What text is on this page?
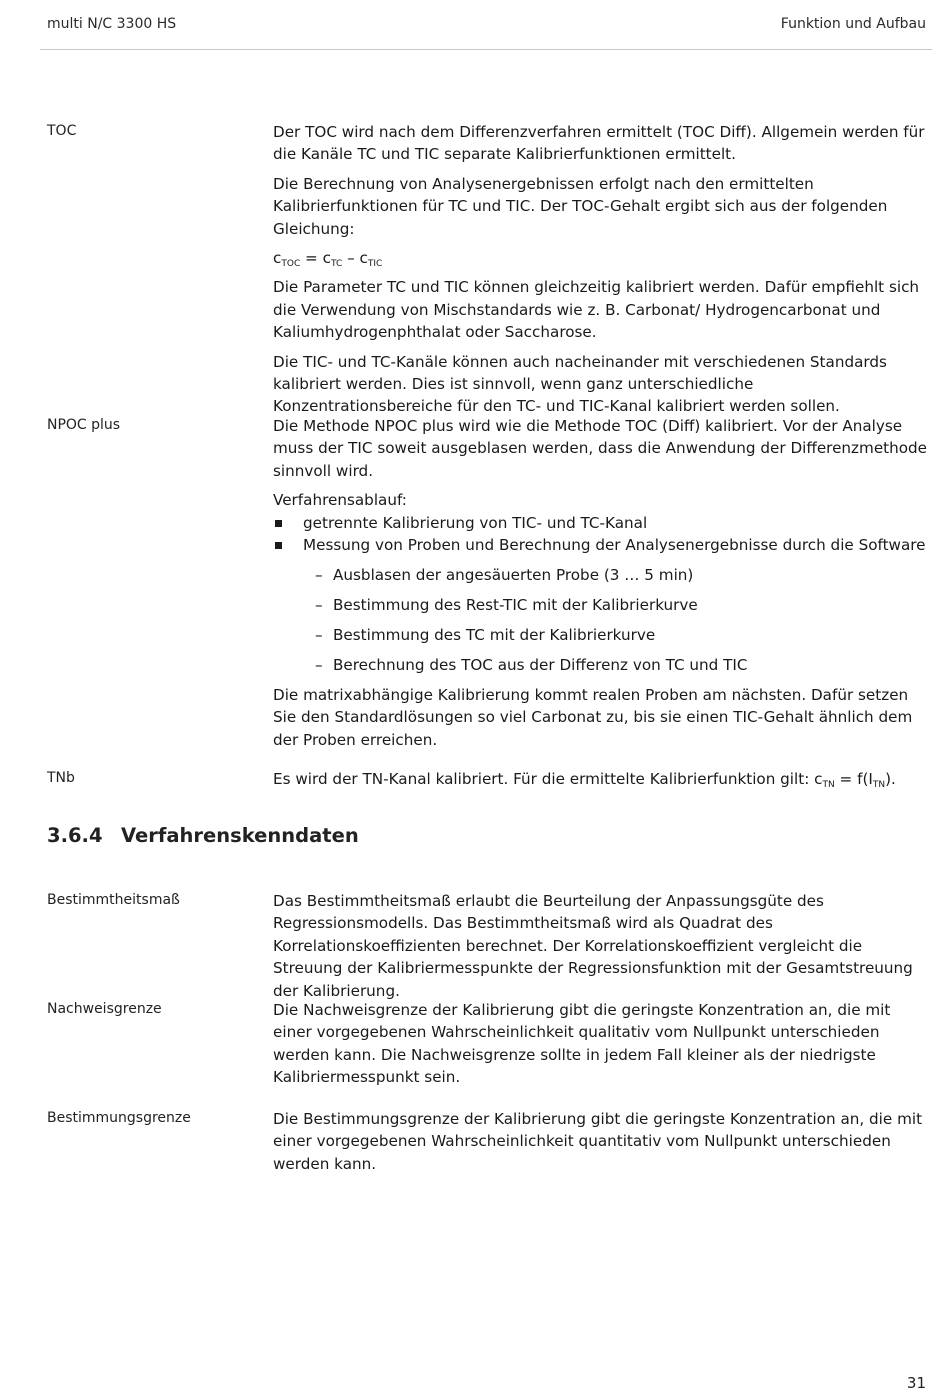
multi N/C 3300 HS	Funktion und Aufbau
TOC	Der TOC wird nach dem Differenzverfahren ermittelt (TOC Diff). Allgemein werden für die Kanäle TC und TIC separate Kalibrierfunktionen ermittelt.

Die Berechnung von Analysenergebnissen erfolgt nach den ermittelten Kalibrierfunktionen für TC und TIC. Der TOC-Gehalt ergibt sich aus der folgenden Gleichung:

$c_{TOC} = c_{TC} - c_{TIC}$

Die Parameter TC und TIC können gleichzeitig kalibriert werden. Dafür empfiehlt sich die Verwendung von Mischstandards wie z. B. Carbonat/ Hydrogencarbonat und Kaliumhydrogenphthalat oder Saccharose.

Die TIC- und TC-Kanäle können auch nacheinander mit verschiedenen Standards kalibriert werden. Dies ist sinnvoll, wenn ganz unterschiedliche Konzentrationsbereiche für den TC- und TIC-Kanal kalibriert werden sollen.

NPOC plus	Die Methode NPOC plus wird wie die Methode TOC (Diff) kalibriert. Vor der Analyse muss der TIC soweit ausgeblasen werden, dass die Anwendung der Differenzmethode sinnvoll wird.

Verfahrensablauf:

getrennte Kalibrierung von TIC- und TC-Kanal
Messung von Proben und Berechnung der Analysenergebnisse durch die Software
– Ausblasen der angesäuerten Probe (3 … 5 min)
– Bestimmung des Rest-TIC mit der Kalibrierkurve
– Bestimmung des TC mit der Kalibrierkurve
– Berechnung des TOC aus der Differenz von TC und TIC

Die matrixabhängige Kalibrierung kommt realen Proben am nächsten. Dafür setzen Sie den Standardlösungen so viel Carbonat zu, bis sie einen TIC-Gehalt ähnlich dem der Proben erreichen.

TNb	Es wird der TN-Kanal kalibriert. Für die ermittelte Kalibrierfunktion gilt: $c_{TN} = f(I_{TN})$.
3.6.4 Verfahrenskenndaten
Bestimmtheitsmaß	Das Bestimmtheitsmaß erlaubt die Beurteilung der Anpassungsgüte des Regressionsmodells. Das Bestimmtheitsmaß wird als Quadrat des Korrelationskoeffizienten berechnet. Der Korrelationskoeffizient vergleicht die Streuung der Kalibriermesspunkte der Regressionsfunktion mit der Gesamtstreuung der Kalibrierung.
Nachweisgrenze	Die Nachweisgrenze der Kalibrierung gibt die geringste Konzentration an, die mit einer vorgegebenen Wahrscheinlichkeit qualitativ vom Nullpunkt unterschieden werden kann. Die Nachweisgrenze sollte in jedem Fall kleiner als der niedrigste Kalibriermesspunkt sein.
Bestimmungsgrenze	Die Bestimmungsgrenze der Kalibrierung gibt die geringste Konzentration an, die mit einer vorgegebenen Wahrscheinlichkeit quantitativ vom Nullpunkt unterschieden werden kann.
31
